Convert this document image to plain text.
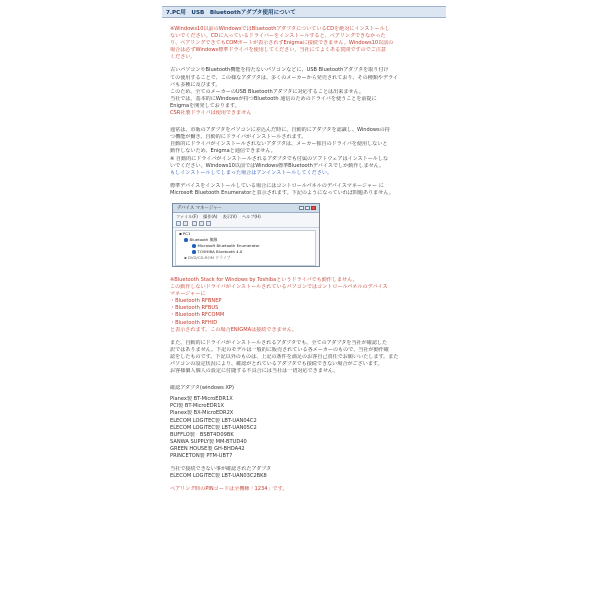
7.PC用　USB　Bluetoothアダプタ使用について
※Windows10以前のWindowsではBluetoothアダプタについているCDを絶対にインストールし
ないでください。CDに入っているドライバーをインストールすると、ペアリングできなかった
り、ペアリングできてもCOMポートが表示されずEnigmaに接続できません。Windows10以前の
場合は必ずWindows標準ドライバを使用してください。当社にてよくある質問ですのでご注意
ください。
古いパソコンやBluetooth機能を持たないパソコンなどに、USB Bluetoothアダプタを取り付け
ての使用することで、この様なアダプタは、多くのメーカーから発売されており、その種類やデライ
バも多種に及びます。
このため、全てのメーカーのUSB Bluetoothアダプタに対応することは出来ません。
当社では、基本的にWindowsが持つBluetooth 通信のためのドライバを使うことを前提に
Enigmaを開発しております。
CSR社製ドライバは使用できません
通常は、市販のアダプタをパソコンに差込んだ時に、自動的にアダプタを認識し、Windowsの持
つ機能が働き、自動的にドライバがインストールされます。
自動的にドライバがインストールされないアダプタは、メーカー独自のドライバを使用しないと
動作しないため、Enigmaと通信できません。
※ 自動的にドライバがインストールされるアダプタでも付属のソフトウェアはインストールしな
いでください。Windows10以前ではWindows標準Bluetoothデバイスでしか動作しません。
もしインストールしてしまった場合はアンインストールしてください。
標準デバイスをインストールしている場合にはコントロールパネルのデバイスマネージャー に
Microsoft Bluetooth Enumeratorと表示されます。下記のようになっていれば問題ありません。
デバイス マネージャー
ファイル(F) 操作(A) 表示(V) ヘルプ(H)
▪ PC1
Bluetooth 無線
Microsoft Bluetooth Enumerator
TOSHIBA Bluetooth 4.0
▪ DVD/CD-ROM ドライブ
※Bluetooth Stack for Windows by Toshibaというドライバでも動作しません。
この動作しないドライバがインストールされているパソコンではコントロールパネルのデバイス
マネージャーに
・Bluetooth RFBNEP
・Bluetooth RFBUS
・Bluetooth RFCOMM
・Bluetooth RFHID
と表示されます。この場合ENIGMAは接続できません。
また、自動的にドライバがインストールされるアダプタでも、全てのアダプタを当社が確認した
訳ではありません。下記のモデルは一般的に販売されている各メーカーのもので、当社が動作確
認をしたものです。下記以外のものは、上記の条件を満足のお客自己責任でお願いいたします。また
パソコンの設定状況により、確認がとれているアダプタでも接続できない場合がございます。
お客様個人個人の設定に付随する不具合には当社は一切対応できません。
確認アダプタ(windows XP)
Planex製 BT-MicroEDR1X
PCI製 BT-MicroEDR1X
Planex製 BX-MicroEDR2X
ELECOM LOGITEC製 LBT-UAN04C2
ELECOM LOGITEC製 LBT-UAN05C2
BUFFLO製　BSBT4D09BK
SANWA SUPPLY製 MM-BTUD40
GREEN HOUSE製 GH-BHDA42
PRINCETON製 PTM-UBT7
当社で接続できない事が確認されたアダプタ
ELECOM LOGITEC製 LBT-UAN03C2BK8
ペアリング時のPINコードは全機種「1234」です。
